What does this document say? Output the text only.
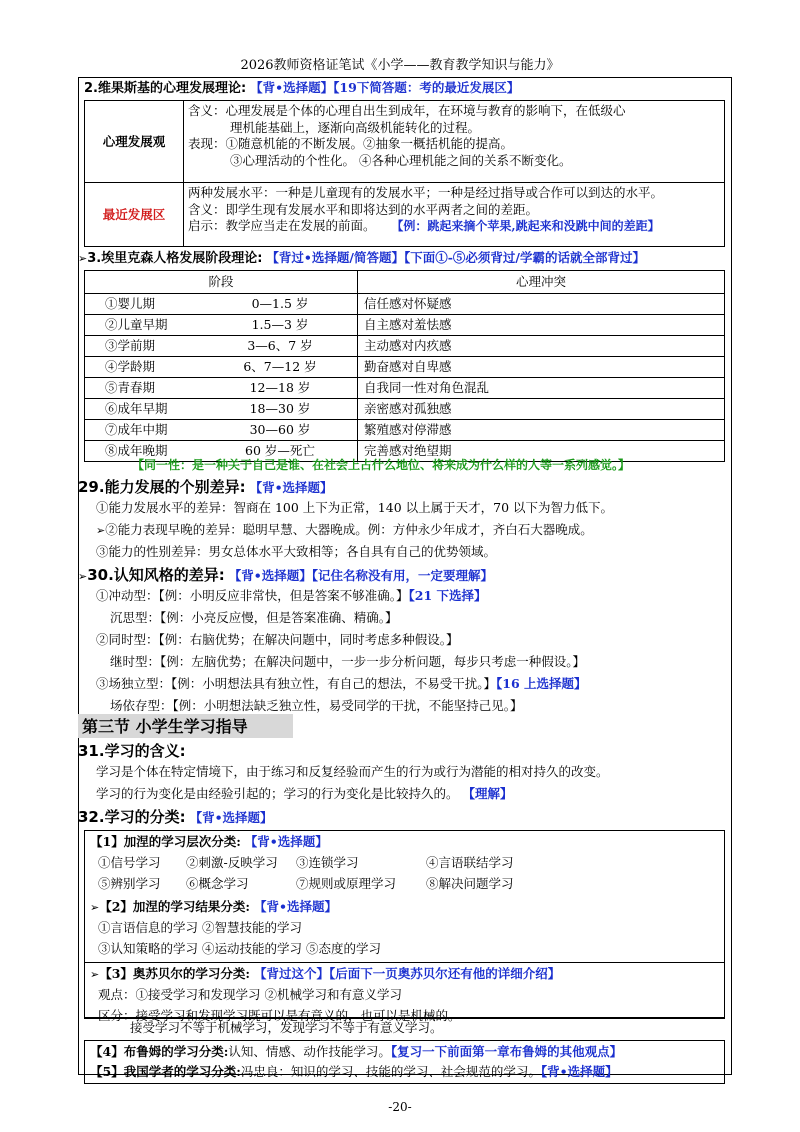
2026教师资格证笔试《小学——教育教学知识与能力》
2.维果斯基的心理发展理论: 【背•选择题】【19下简答题：考的最近发展区】
心理发展观	含义：心理发展是个体的心理自出生到成年，在环境与教育的影响下，在低级心
理机能基础上，逐渐向高级机能转化的过程。
表现：①随意机能的不断发展。②抽象一概括机能的提高。
③心理活动的个性化。 ④各种心理机能之间的关系不断变化。

最近发展区	两种发展水平：一种是儿童现有的发展水平；一种是经过指导或合作可以到达的水平。
含义：即学生现有发展水平和即将达到的水平两者之间的差距。
启示：教学应当走在发展的前面。 【例：跳起来摘个苹果,跳起来和没跳中间的差距】
➢3.埃里克森人格发展阶段理论: 【背过•选择题/简答题】【下面①-⑤必须背过/学霸的话就全部背过】
阶段	心理冲突
①婴儿期 0—1.5 岁	信任感对怀疑感
②儿童早期 1.5—3 岁	自主感对羞怯感
③学前期 3—6、7 岁	主动感对内疚感
④学龄期 6、7—12 岁	勤奋感对自卑感
⑤青春期 12—18 岁	自我同一性对角色混乱
⑥成年早期 18—30 岁	亲密感对孤独感
⑦成年中期 30—60 岁	繁殖感对停滞感
⑧成年晚期 60 岁—死亡	完善感对绝望期
【同一性：是一种关于自己是谁、在社会上占什么地位、将来成为什么样的人等一系列感觉。】
29.能力发展的个别差异: 【背•选择题】
①能力发展水平的差异：智商在 100 上下为正常，140 以上属于天才，70 以下为智力低下。
➢②能力表现早晚的差异：聪明早慧、大器晚成。例：方仲永少年成才，齐白石大器晚成。
③能力的性别差异：男女总体水平大致相等；各自具有自己的优势领域。
➢30.认知风格的差异: 【背•选择题】【记住名称没有用，一定要理解】
①冲动型：【例：小明反应非常快，但是答案不够准确。】【21 下选择】
沉思型：【例：小亮反应慢，但是答案准确、精确。】
②同时型：【例：右脑优势；在解决问题中，同时考虑多种假设。】
继时型：【例：左脑优势；在解决问题中，一步一步分析问题，每步只考虑一种假设。】
③场独立型：【例：小明想法具有独立性，有自己的想法，不易受干扰。】【16 上选择题】
场依存型：【例：小明想法缺乏独立性，易受同学的干扰，不能坚持己见。】
第三节 小学生学习指导
31.学习的含义:
学习是个体在特定情境下，由于练习和反复经验而产生的行为或行为潜能的相对持久的改变。
学习的行为变化是由经验引起的；学习的行为变化是比较持久的。 【理解】
32.学习的分类: 【背•选择题】
【1】加涅的学习层次分类: 【背•选择题】
①信号学习 ②刺激-反映学习 ③连锁学习	④言语联结学习
⑤辨别学习 ⑥概念学习	⑦规则或原理学习 ⑧解决问题学习
➢【2】加涅的学习结果分类: 【背•选择题】
①言语信息的学习 ②智慧技能的学习
③认知策略的学习 ④运动技能的学习 ⑤态度的学习
➢【3】奥苏贝尔的学习分类: 【背过这个】【后面下一页奥苏贝尔还有他的详细介绍】
观点：①接受学习和发现学习 ②机械学习和有意义学习
区分：接受学习和发现学习既可以是有意义的，也可以是机械的。
接受学习不等于机械学习，发现学习不等于有意义学习。
【4】布鲁姆的学习分类:认知、情感、动作技能学习。【复习一下前面第一章布鲁姆的其他观点】
【5】我国学者的学习分类:冯忠良：知识的学习、技能的学习、社会规范的学习。【背•选择题】
-20-
